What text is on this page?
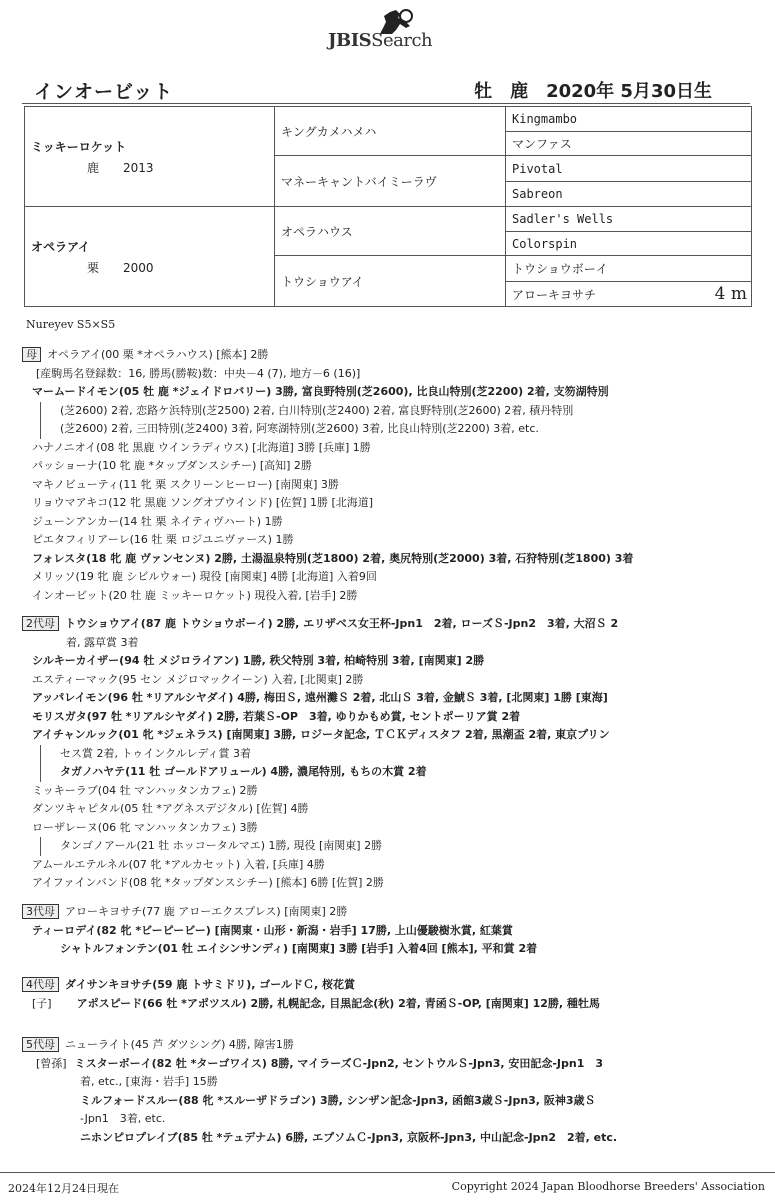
JBISSearch
インオービット	牡 鹿 2020年 5月30日生
ミッキーロケット
鹿　　2013	キングカメハメハ	Kingmambo
		マンファス
	マネーキャントバイミーラヴ	Pivotal
		Sabreon

オペラアイ
栗　　2000	オペラハウス	Sadler's Wells
		Colorspin
	トウショウアイ	トウショウボーイ
		アローキヨサチ 4 m
Nureyev S5×S5
母 オペラアイ(00 栗 *オペラハウス) [熊本] 2勝
[産駒馬名登録数：16, 勝馬(勝鞍)数：中央－4 (7), 地方－6 (16)]
マームードイモン(05 牡 鹿 *ジェイドロバリー) 3勝, 富良野特別(芝2600), 比良山特別(芝2200) 2着, 支笏湖特別
(芝2600) 2着, 恋路ケ浜特別(芝2500) 2着, 白川特別(芝2400) 2着, 富良野特別(芝2600) 2着, 積丹特別
(芝2600) 2着, 三田特別(芝2400) 3着, 阿寒湖特別(芝2600) 3着, 比良山特別(芝2200) 3着, etc.
ハナノニオイ(08 牝 黒鹿 ウインラディウス) [北海道] 3勝 [兵庫] 1勝
パッショーナ(10 牝 鹿 *タップダンスシチー) [高知] 2勝
マキノビューティ(11 牝 栗 スクリーンヒーロー) [南関東] 3勝
リョウマアキコ(12 牝 黒鹿 ソングオブウインド) [佐賀] 1勝 [北海道]
ジューンアンカー(14 牡 栗 ネイティヴハート) 1勝
ピエタフィリアーレ(16 牡 栗 ロジユニヴァース) 1勝
フォレスタ(18 牝 鹿 ヴァンセンヌ) 2勝, 土湯温泉特別(芝1800) 2着, 奥尻特別(芝2000) 3着, 石狩特別(芝1800) 3着
メリッソ(19 牝 鹿 シビルウォー) 現役 [南関東] 4勝 [北海道] 入着9回
インオービット(20 牡 鹿 ミッキーロケット) 現役入着, [岩手] 2勝
2代母 トウショウアイ(87 鹿 トウショウボーイ) 2勝, エリザベス女王杯-Jpn1　2着, ローズＳ-Jpn2　3着, 大沼Ｓ 2
着, 露草賞 3着
シルキーカイザー(94 牡 メジロライアン) 1勝, 秩父特別 3着, 柏崎特別 3着, [南関東] 2勝
エスティーマック(95 セン メジロマックイーン) 入着, [北関東] 2勝
アッパレイモン(96 牡 *リアルシヤダイ) 4勝, 梅田Ｓ, 遠州灘Ｓ 2着, 北山Ｓ 3着, 金鯱Ｓ 3着, [北関東] 1勝 [東海]
モリスガタ(97 牡 *リアルシヤダイ) 2勝, 若葉Ｓ-OP　3着, ゆりかもめ賞, セントポーリア賞 2着
アイチャンルック(01 牝 *ジェネラス) [南関東] 3勝, ロジータ記念, ＴＣＫディスタフ 2着, 黒潮盃 2着, 東京プリン
セス賞 2着, トゥインクルレディ賞 3着
タガノハヤテ(11 牡 ゴールドアリュール) 4勝, 濃尾特別, もちの木賞 2着
ミッキーラブ(04 牡 マンハッタンカフェ) 2勝
ダンツキャピタル(05 牡 *アグネスデジタル) [佐賀] 4勝
ローザレーヌ(06 牝 マンハッタンカフェ) 3勝
タンゴノアール(21 牡 ホッコータルマエ) 1勝, 現役 [南関東] 2勝
アムールエテルネル(07 牝 *アルカセット) 入着, [兵庫] 4勝
アイファインバンド(08 牝 *タップダンスシチー) [熊本] 6勝 [佐賀] 2勝
3代母 アローキヨサチ(77 鹿 アローエクスプレス) [南関東] 2勝
ティーロデイ(82 牝 *ビーピービー) [南関東・山形・新潟・岩手] 17勝, 上山優駿樹氷賞, 紅葉賞
シャトルフォンテン(01 牡 エイシンサンディ) [南関東] 3勝 [岩手] 入着4回 [熊本], 平和賞 2着
4代母 ダイサンキヨサチ(59 鹿 トサミドリ), ゴールドＣ, 桜花賞
[子]　 アポスピード(66 牡 *アポツスル) 2勝, 札幌記念, 目黒記念(秋) 2着, 青函Ｓ-OP, [南関東] 12勝, 種牡馬
5代母 ニューライト(45 芦 ダツシング) 4勝, 障害1勝
[曾孫] ミスターボーイ(82 牡 *ターゴワイス) 8勝, マイラーズＣ-Jpn2, セントウルＳ-Jpn3, 安田記念-Jpn1　3
着, etc., [東海・岩手] 15勝
ミルフォードスルー(88 牝 *スルーザドラゴン) 3勝, シンザン記念-Jpn3, 函館3歳Ｓ-Jpn3, 阪神3歳Ｓ
-Jpn1　3着, etc.
ニホンピロプレイブ(85 牡 *テュデナム) 6勝, エプソムＣ-Jpn3, 京阪杯-Jpn3, 中山記念-Jpn2　2着, etc.
2024年12月24日現在	Copyright 2024 Japan Bloodhorse Breeders' Association
